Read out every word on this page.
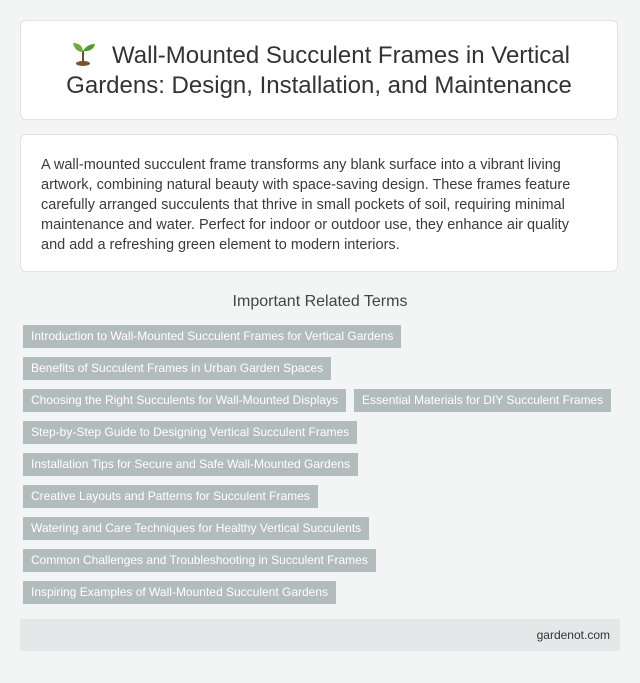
Wall-Mounted Succulent Frames in Vertical Gardens: Design, Installation, and Maintenance

A wall-mounted succulent frame transforms any blank surface into a vibrant living artwork, combining natural beauty with space-saving design. These frames feature carefully arranged succulents that thrive in small pockets of soil, requiring minimal maintenance and water. Perfect for indoor or outdoor use, they enhance air quality and add a refreshing green element to modern interiors.

Important Related Terms
Introduction to Wall-Mounted Succulent Frames for Vertical Gardens
Benefits of Succulent Frames in Urban Garden Spaces
Choosing the Right Succulents for Wall-Mounted Displays	Essential Materials for DIY Succulent Frames
Step-by-Step Guide to Designing Vertical Succulent Frames
Installation Tips for Secure and Safe Wall-Mounted Gardens
Creative Layouts and Patterns for Succulent Frames
Watering and Care Techniques for Healthy Vertical Succulents
Common Challenges and Troubleshooting in Succulent Frames
Inspiring Examples of Wall-Mounted Succulent Gardens
gardenot.com
